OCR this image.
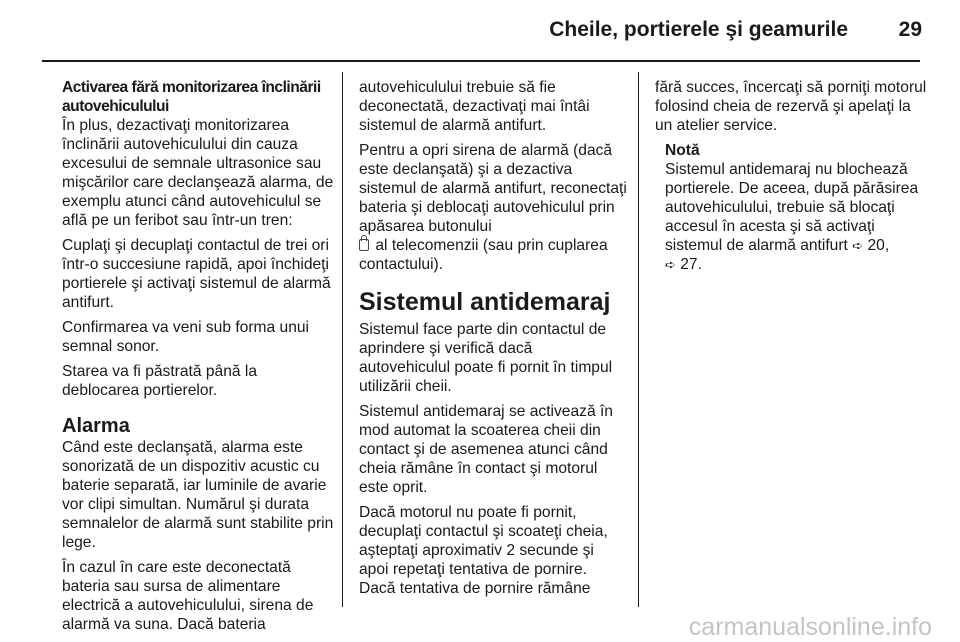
Cheile, portierele şi geamurile 29

Activarea fără monitorizarea înclinării autovehiculului

În plus, dezactivaţi monitorizarea înclinării autovehiculului din cauza excesului de semnale ultrasonice sau mişcărilor care declanşează alarma, de exemplu atunci când autovehiculul se află pe un feribot sau într-un tren:

Cuplaţi şi decuplaţi contactul de trei ori într-o succesiune rapidă, apoi închideţi portierele şi activaţi sistemul de alarmă antifurt.

Confirmarea va veni sub forma unui semnal sonor.

Starea va fi păstrată până la deblocarea portierelor.

Alarma

Când este declanşată, alarma este sonorizată de un dispozitiv acustic cu baterie separată, iar luminile de avarie vor clipi simultan. Numărul şi durata semnalelor de alarmă sunt stabilite prin lege.

În cazul în care este deconectată bateria sau sursa de alimentare electrică a autovehiculului, sirena de alarmă va suna. Dacă bateria

autovehiculului trebuie să fie deconectată, dezactivaţi mai întâi sistemul de alarmă antifurt.

Pentru a opri sirena de alarmă (dacă este declanşată) şi a dezactiva sistemul de alarmă antifurt, reconectaţi bateria şi deblocaţi autovehiculul prin apăsarea butonului
al telecomenzii (sau prin cuplarea contactului).

Sistemul antidemaraj

Sistemul face parte din contactul de aprindere şi verifică dacă autovehiculul poate fi pornit în timpul utilizării cheii.

Sistemul antidemaraj se activează în mod automat la scoaterea cheii din contact şi de asemenea atunci când cheia rămâne în contact şi motorul este oprit.

Dacă motorul nu poate fi pornit, decuplaţi contactul şi scoateţi cheia, aşteptaţi aproximativ 2 secunde şi apoi repetaţi tentativa de pornire. Dacă tentativa de pornire rămâne

fără succes, încercaţi să porniţi motorul folosind cheia de rezervă şi apelaţi la un atelier service.

Notă
Sistemul antidemaraj nu blochează portierele. De aceea, după părăsirea autovehiculului, trebuie să blocaţi accesul în acesta şi să activaţi sistemul de alarmă antifurt ➪ 20,
➪ 27.
carmanualsonline.info
